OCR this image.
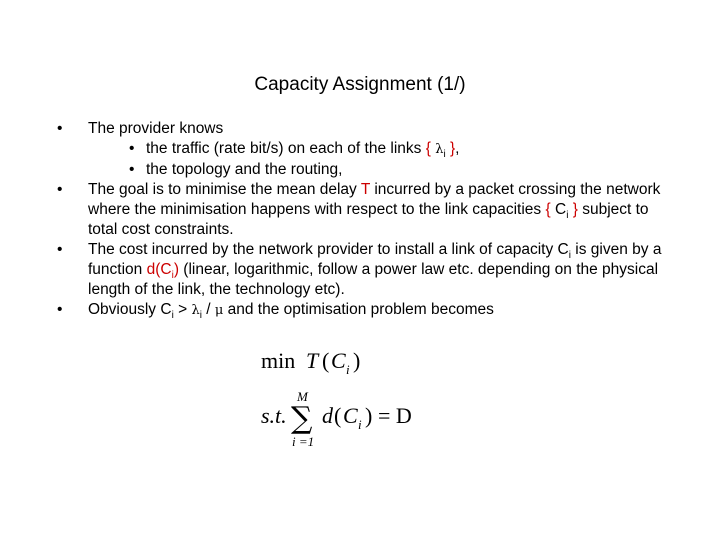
Capacity Assignment (1/)
• The provider knows
• the traffic (rate bit/s) on each of the links { $\lambda_i$ },
• the topology and the routing,
• The goal is to minimise the mean delay T incurred by a packet crossing the network where the minimisation happens with respect to the link capacities { $C_i$ } subject to total cost constraints.
• The cost incurred by the network provider to install a link of capacity $C_i$ is given by a function $d(C_i)$ (linear, logarithmic, follow a power law etc. depending on the physical length of the link, the technology etc).
• Obviously $C_i > \lambda_i / \mu$ and the optimisation problem becomes
min T ( C i )
M
s.t. ∑
i =1
d ( C i ) = D
